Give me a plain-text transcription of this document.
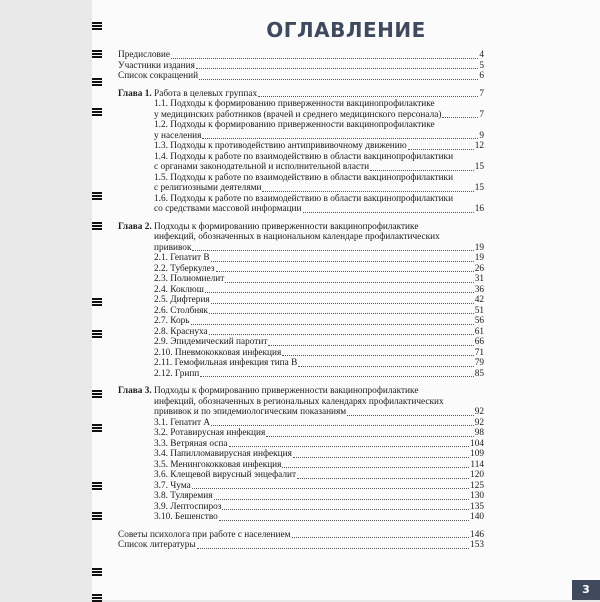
ОГЛАВЛЕНИЕ
3
Предисловие	4
Участники издания	5
Список сокращений	6
Глава 1. Работа в целевых группах	7
1.1. Подходы к формированию приверженности вакцинопрофилактике
у медицинских работников (врачей и среднего медицинского персонала)	7
1.2. Подходы к формированию приверженности вакцинопрофилактике
у населения	9
1.3. Подходы к противодействию антипрививочному движению	12
1.4. Подходы к работе по взаимодействию в области вакцинопрофилактики
с органами законодательной и исполнительной власти	15
1.5. Подходы к работе по взаимодействию в области вакцинопрофилактики
с религиозными деятелями	15
1.6. Подходы к работе по взаимодействию в области вакцинопрофилактики
со средствами массовой информации	16
Глава 2. Подходы к формированию приверженности вакцинопрофилактике
инфекций, обозначенных в национальном календаре профилактических
прививок	19
2.1. Гепатит В	19
2.2. Туберкулез	26
2.3. Полиомиелит	31
2.4. Коклюш	36
2.5. Дифтерия	42
2.6. Столбняк	51
2.7. Корь	56
2.8. Краснуха	61
2.9. Эпидемический паротит	66
2.10. Пневмококковая инфекция	71
2.11. Гемофильная инфекция типа В	79
2.12. Грипп	85
Глава 3. Подходы к формированию приверженности вакцинопрофилактике
инфекций, обозначенных в региональных календарях профилактических
прививок и по эпидемиологическим показаниям	92
3.1. Гепатит А	92
3.2. Ротавирусная инфекция	98
3.3. Ветряная оспа	104
3.4. Папилломавирусная инфекция	109
3.5. Менингококковая инфекция	114
3.6. Клещевой вирусный энцефалит	120
3.7. Чума	125
3.8. Туляремия	130
3.9. Лептоспироз	135
3.10. Бешенство	140
Советы психолога при работе с населением	146
Список литературы	153
